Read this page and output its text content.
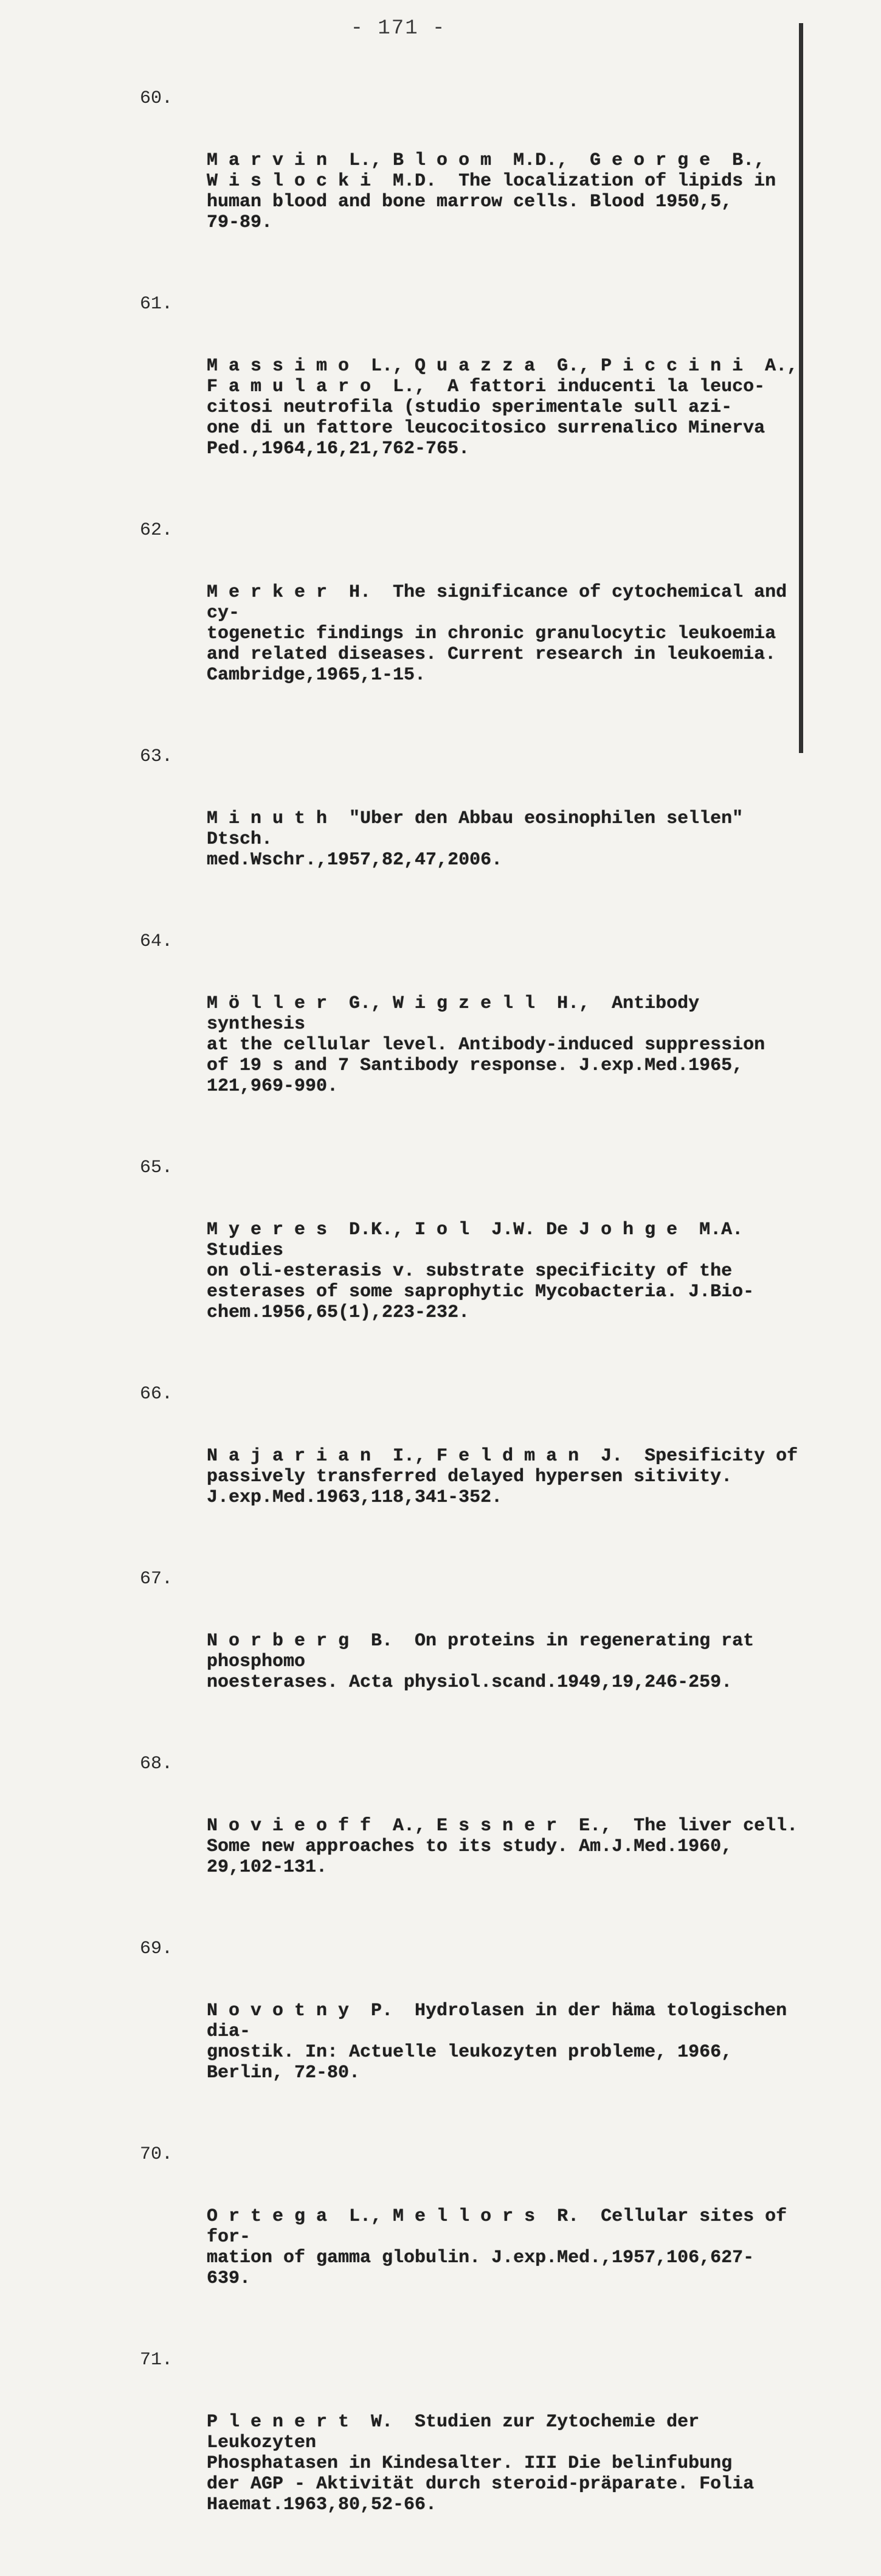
- 171 -

60.

M a r v i n  L., B l o o m  M.D.,  G e o r g e  B.,
W i s l o c k i  M.D.  The localization of lipids in
human blood and bone marrow cells. Blood 1950,5,
79-89.

61.

M a s s i m o  L., Q u a z z a  G., P i c c i n i  A.,
F a m u l a r o  L.,  A fattori inducenti la leuco-
citosi neutrofila (studio sperimentale sull azi-
one di un fattore leucocitosico surrenalico Minerva
Ped.,1964,16,21,762-765.

62.

M e r k e r  H.  The significance of cytochemical and cy-
togenetic findings in chronic granulocytic leukoemia
and related diseases. Current research in leukoemia.
Cambridge,1965,1-15.

63.

M i n u t h  "Uber den Abbau eosinophilen sellen"  Dtsch.
med.Wschr.,1957,82,47,2006.

64.

M ö l l e r  G., W i g z e l l  H.,  Antibody synthesis
at the cellular level. Antibody-induced suppression
of 19 s and 7 Santibody response. J.exp.Med.1965,
121,969-990.

65.

M y e r e s  D.K., I o l  J.W. De J o h g e  M.A.  Studies
on oli-esterasis v. substrate specificity of the
esterases of some saprophytic Mycobacteria. J.Bio-
chem.1956,65(1),223-232.

66.

N a j a r i a n  I., F e l d m a n  J.  Spesificity of
passively transferred delayed hypersen sitivity.
J.exp.Med.1963,118,341-352.

67.

N o r b e r g  B.  On proteins in regenerating rat phosphomo
noesterases. Acta physiol.scand.1949,19,246-259.

68.

N o v i e o f f  A., E s s n e r  E.,  The liver cell.
Some new approaches to its study. Am.J.Med.1960,
29,102-131.

69.

N o v o t n y  P.  Hydrolasen in der häma tologischen dia-
gnostik. In: Actuelle leukozyten probleme, 1966,
Berlin, 72-80.

70.

O r t e g a  L., M e l l o r s  R.  Cellular sites of for-
mation of gamma globulin. J.exp.Med.,1957,106,627-
639.

71.

P l e n e r t  W.  Studien zur Zytochemie der Leukozyten
Phosphatasen in Kindesalter. III Die belinfubung
der AGP - Aktivität durch steroid-präparate. Folia
Haemat.1963,80,52-66.
